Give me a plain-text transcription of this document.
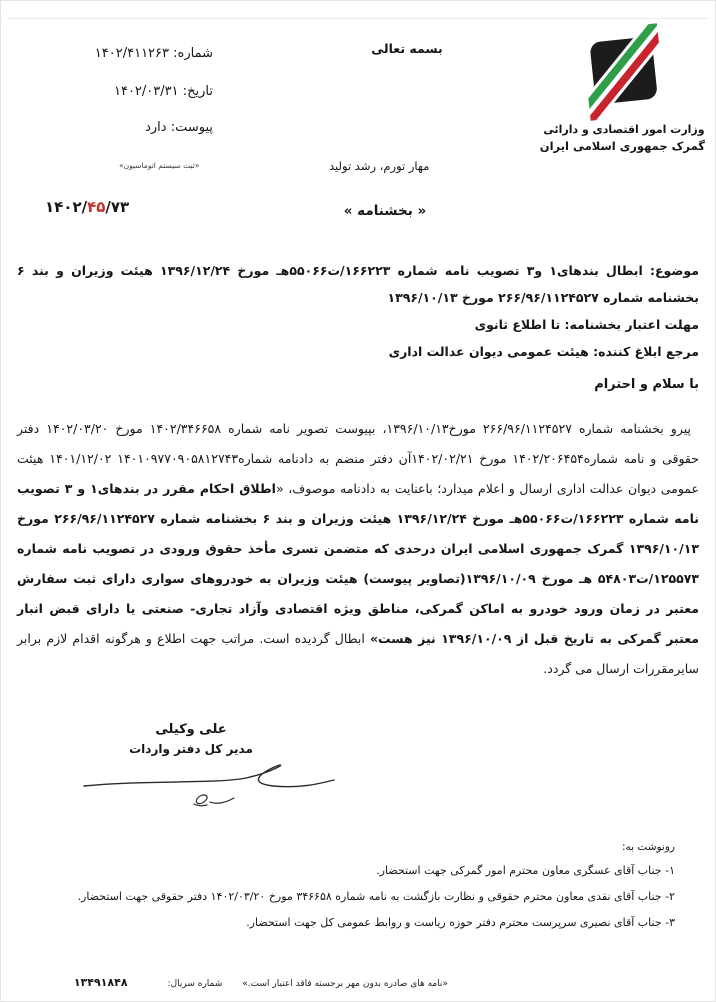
شماره: ۱۴۰۲/۴۱۱۲۶۳
تاریخ: ۱۴۰۲/۰۳/۳۱
پیوست: دارد
«ثبت سیستم اتوماسیون»
۱۴۰۲/۴۵/۷۳
بسمه تعالی
مهار تورم، رشد تولید
« بخشنامه »
وزارت امور اقتصادی و دارائی
گمرک جمهوری اسلامی ایران
موضوع: ابطال بندهای۱ و۳ تصویب نامه شماره ۱۶۶۲۲۳/ت۵۵۰۶۶هـ مورخ ۱۳۹۶/۱۲/۲۴ هیئت وزیران و بند ۶ بخشنامه شماره ۲۶۶/۹۶/۱۱۲۴۵۲۷ مورخ ۱۳۹۶/۱۰/۱۳
مهلت اعتبار بخشنامه: تا اطلاع ثانوی
مرجع ابلاغ کننده: هیئت عمومی دیوان عدالت اداری
با سلام و احترام

پیرو بخشنامه شماره ۲۶۶/۹۶/۱۱۲۴۵۲۷ مورخ۱۳۹۶/۱۰/۱۳، بپیوست تصویر نامه شماره ۱۴۰۲/۳۴۶۶۵۸ مورخ ۱۴۰۲/۰۳/۲۰ دفتر حقوقی و نامه شماره۱۴۰۲/۲۰۶۴۵۴ مورخ ۱۴۰۲/۰۲/۲۱آن دفتر منضم به دادنامه شماره۱۴۰۱۰۹۷۷۰۹۰۵۸۱۲۷۴۳ ۱۴۰۱/۱۲/۰۲ هیئت عمومی دیوان عدالت اداری ارسال و اعلام میدارد؛ باعنایت به دادنامه موصوف، «اطلاق احکام مقرر در بندهای۱ و ۳ تصویب نامه شماره ۱۶۶۲۲۳/ت۵۵۰۶۶هـ مورخ ۱۳۹۶/۱۲/۲۴ هیئت وزیران و بند ۶ بخشنامه شماره ۲۶۶/۹۶/۱۱۲۴۵۲۷ مورخ ۱۳۹۶/۱۰/۱۳ گمرک جمهوری اسلامی ایران درحدی که متضمن تسری مأخذ حقوق ورودی در تصویب نامه شماره ۱۲۵۵۷۳/ت۵۴۸۰۳ هـ مورخ ۱۳۹۶/۱۰/۰۹(تصاویر پیوست) هیئت وزیران به خودروهای سواری دارای ثبت سفارش معتبر در زمان ورود خودرو به اماکن گمرکی، مناطق ویژه اقتصادی وآزاد تجاری- صنعتی یا دارای قبض انبار معتبر گمرکی به تاریخ قبل از ۱۳۹۶/۱۰/۰۹ نیز هست» ابطال گردیده است. مراتب جهت اطلاع و هرگونه اقدام لازم برابر سایرمقررات ارسال می گردد.

علی وکیلی
مدیر کل دفتر واردات
رونوشت به:
۱- جناب آقای عسگری معاون محترم امور گمرکی جهت استحضار.
۲- جناب آقای نقدی معاون محترم حقوقی و نظارت بازگشت به نامه شماره ۳۴۶۶۵۸ مورخ ۱۴۰۲/۰۳/۲۰ دفتر حقوقی جهت استحضار.
۳- جناب آقای نصیری سرپرست محترم دفتر حوزه ریاست و روابط عمومی کل جهت استحضار.
«نامه های صادره بدون مهر برجسته فاقد اعتبار است.»
شماره سریال:
۱۳۴۹۱۸۴۸
